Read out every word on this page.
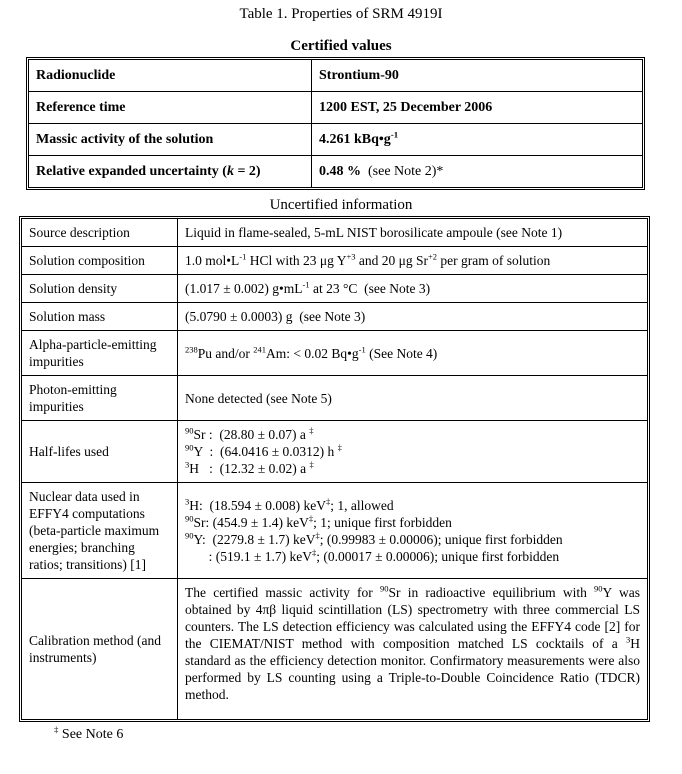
Table 1. Properties of SRM 4919I
Certified values
Radionuclide	Strontium-90
Reference time	1200 EST, 25 December 2006
Massic activity of the solution	4.261 $kBq•g^{-1}$
Relative expanded uncertainty (k = 2)	0.48 %  (see Note 2)*
Uncertified information
Source description	Liquid in flame-sealed, 5-mL NIST borosilicate ampoule (see Note 1)

Solution composition	1.0 $mol•L^{-1}$ HCl with 23 μg $Y^{+3}$ and 20 μg $Sr^{+2}$ per gram of solution

Solution density	(1.017 ± 0.002) $g•mL^{-1}$ at 23 °C  (see Note 3)

Solution mass	(5.0790 ± 0.0003) g  (see Note 3)

Alpha-particle-emitting impurities	$^{238}$Pu and/or $^{241}$Am: < 0.02 $Bq•g^{-1}$ (See Note 4)

Photon-emitting impurities	None detected (see Note 5)

Half-lifes used	$^{90}$Sr :  (28.80 ± 0.07) a ‡
$^{90}$Y  :  (64.0416 ± 0.0312) h ‡
$^3$H   :  (12.32 ± 0.02) a ‡

Nuclear data used in EFFY4 computations (beta-particle maximum energies; branching ratios; transitions) [1]	$^3$H:  (18.594 ± 0.008) keV‡; 1, allowed
$^{90}$Sr: (454.9 ± 1.4) keV‡; 1; unique first forbidden
$^{90}$Y:  (2279.8 ± 1.7) keV‡; (0.99983 ± 0.00006); unique first forbidden
: (519.1 ± 1.7) keV‡; (0.00017 ± 0.00006); unique first forbidden

Calibration method (and instruments)	The certified massic activity for $^{90}$Sr in radioactive equilibrium with $^{90}$Y was obtained by 4πβ liquid scintillation (LS) spectrometry with three commercial LS counters. The LS detection efficiency was calculated using the EFFY4 code [2] for the CIEMAT/NIST method with composition matched LS cocktails of a $^3$H standard as the efficiency detection monitor. Confirmatory measurements were also performed by LS counting using a Triple-to-Double Coincidence Ratio (TDCR) method.
‡ See Note 6
